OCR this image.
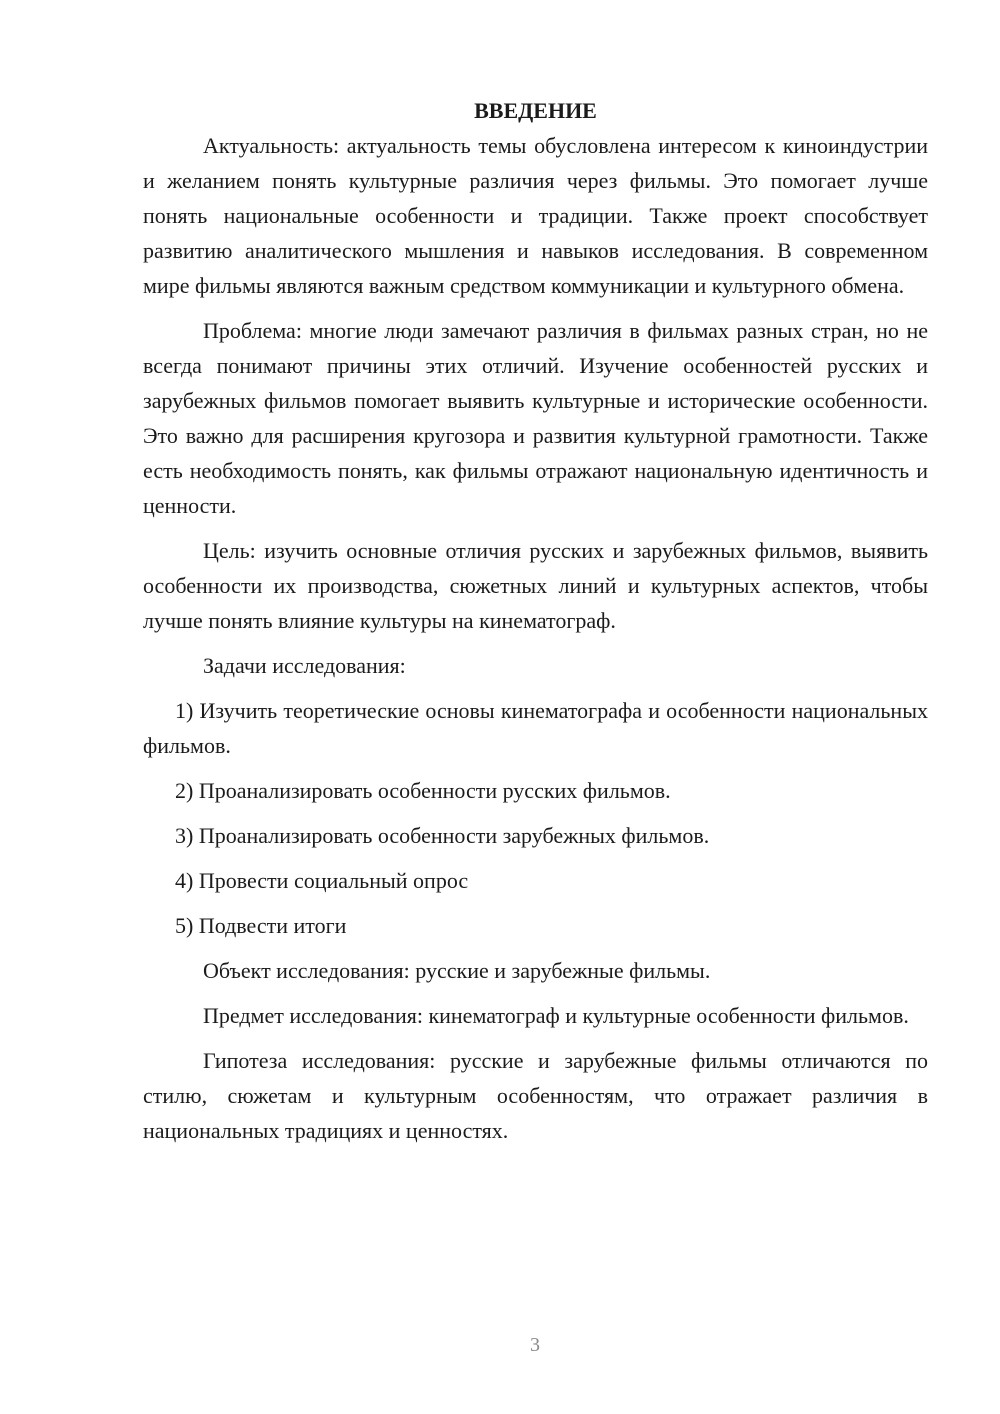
ВВЕДЕНИЕ

Актуальность: актуальность темы обусловлена интересом к киноиндустрии и желанием понять культурные различия через фильмы. Это помогает лучше понять национальные особенности и традиции. Также проект способствует развитию аналитического мышления и навыков исследования. В современном мире фильмы являются важным средством коммуникации и культурного обмена.

Проблема: многие люди замечают различия в фильмах разных стран, но не всегда понимают причины этих отличий. Изучение особенностей русских и зарубежных фильмов помогает выявить культурные и исторические особенности. Это важно для расширения кругозора и развития культурной грамотности. Также есть необходимость понять, как фильмы отражают национальную идентичность и ценности.

Цель: изучить основные отличия русских и зарубежных фильмов, выявить особенности их производства, сюжетных линий и культурных аспектов, чтобы лучше понять влияние культуры на кинематограф.

Задачи исследования:

1) Изучить теоретические основы кинематографа и особенности национальных фильмов.

2) Проанализировать особенности русских фильмов.

3) Проанализировать особенности зарубежных фильмов.

4) Провести социальный опрос

5) Подвести итоги

Объект исследования: русские и зарубежные фильмы.

Предмет исследования: кинематограф и культурные особенности фильмов.

Гипотеза исследования: русские и зарубежные фильмы отличаются по стилю, сюжетам и культурным особенностям, что отражает различия в национальных традициях и ценностях.

3
